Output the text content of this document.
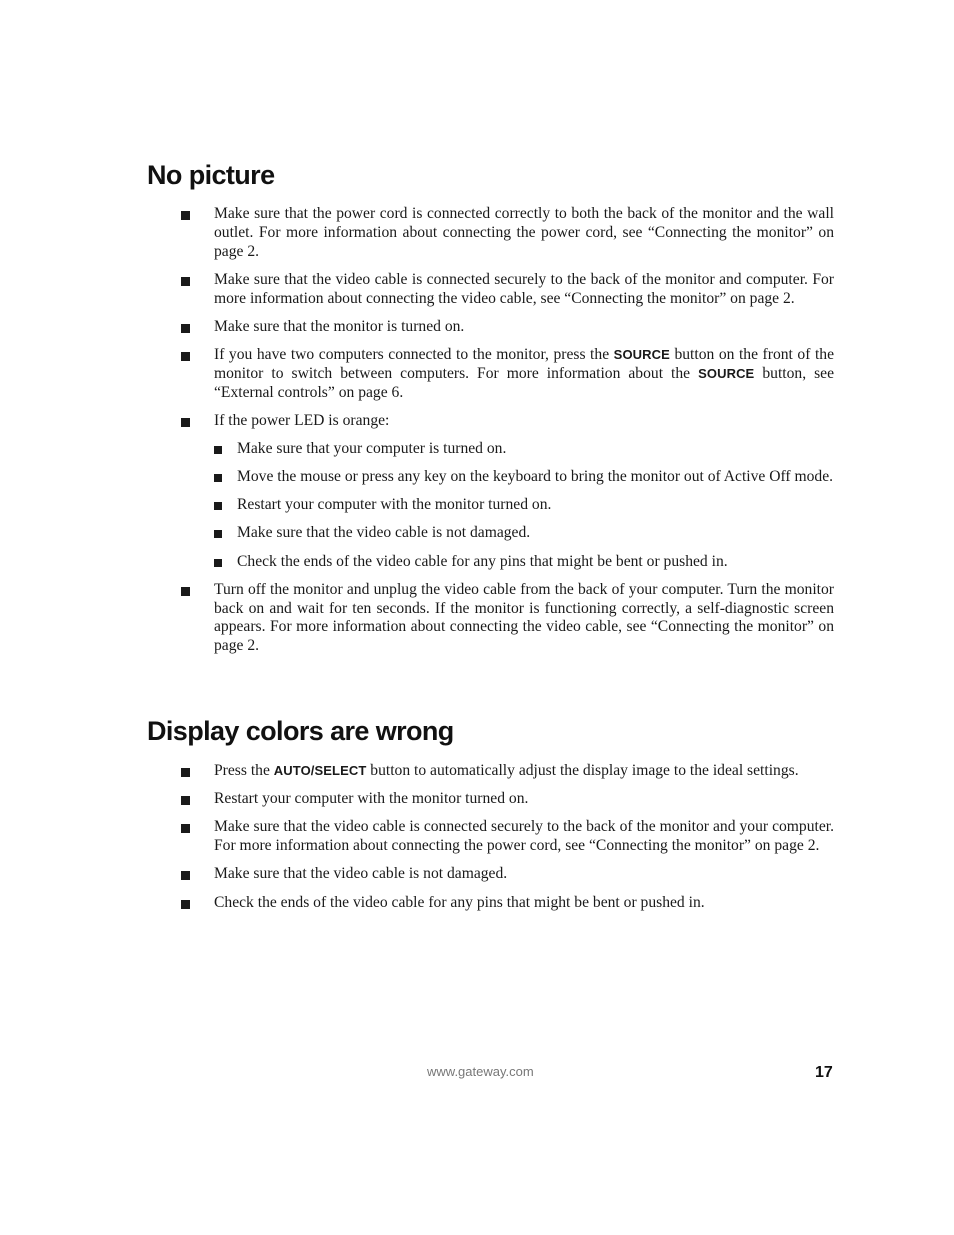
No picture
Make sure that the power cord is connected correctly to both the back of the monitor and the wall outlet. For more information about connecting the power cord, see “Connecting the monitor” on page 2.
Make sure that the video cable is connected securely to the back of the monitor and computer. For more information about connecting the video cable, see “Connecting the monitor” on page 2.
Make sure that the monitor is turned on.
If you have two computers connected to the monitor, press the SOURCE button on the front of the monitor to switch between computers. For more information about the SOURCE button, see “External controls” on page 6.
If the power LED is orange:
Make sure that your computer is turned on.
Move the mouse or press any key on the keyboard to bring the monitor out of Active Off mode.
Restart your computer with the monitor turned on.
Make sure that the video cable is not damaged.
Check the ends of the video cable for any pins that might be bent or pushed in.
Turn off the monitor and unplug the video cable from the back of your computer. Turn the monitor back on and wait for ten seconds. If the monitor is functioning correctly, a self-diagnostic screen appears. For more information about connecting the video cable, see “Connecting the monitor” on page 2.
Display colors are wrong
Press the AUTO/SELECT button to automatically adjust the display image to the ideal settings.
Restart your computer with the monitor turned on.
Make sure that the video cable is connected securely to the back of the monitor and your computer. For more information about connecting the power cord, see “Connecting the monitor” on page 2.
Make sure that the video cable is not damaged.
Check the ends of the video cable for any pins that might be bent or pushed in.
www.gateway.com	17
